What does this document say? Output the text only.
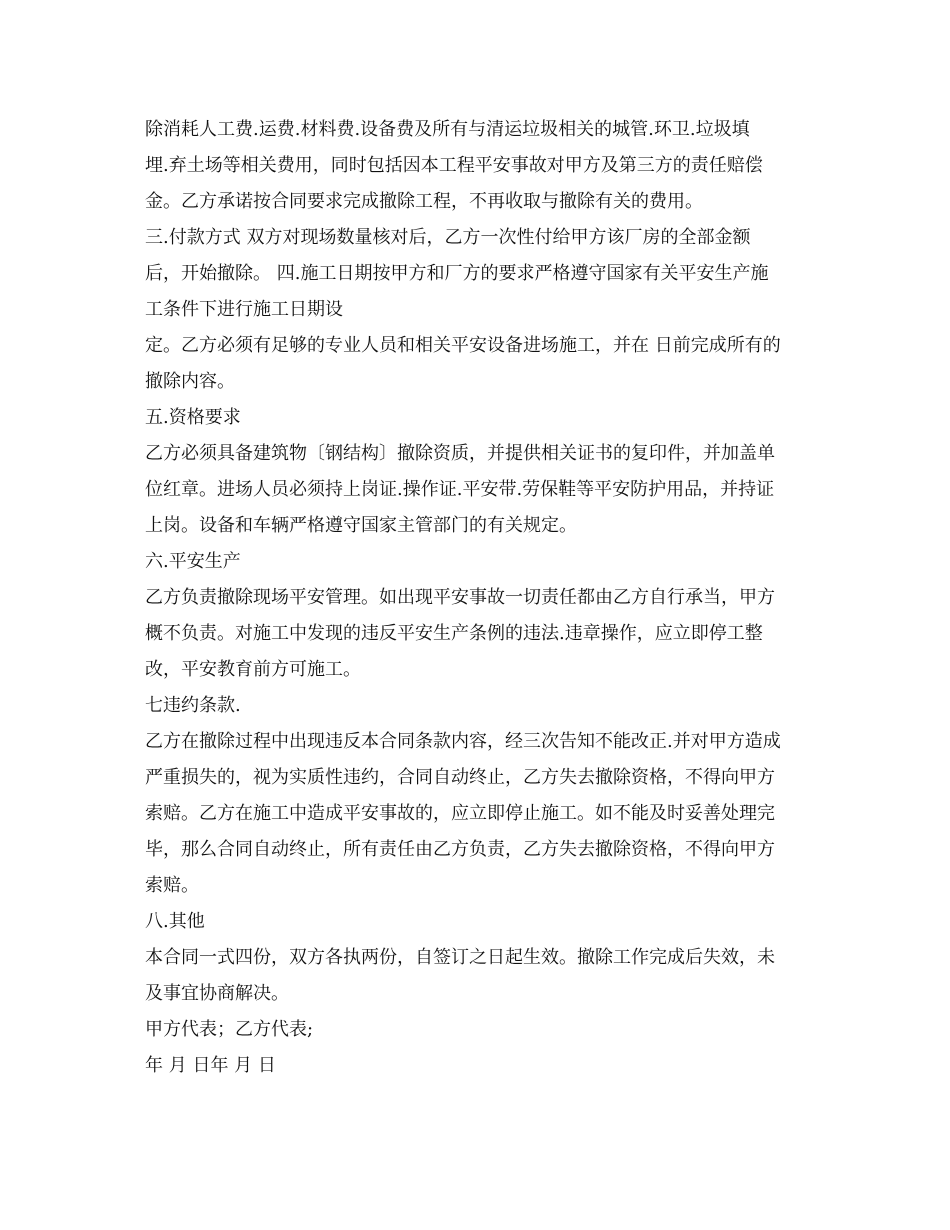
除消耗人工费.运费.材料费.设备费及所有与清运垃圾相关的城管.环卫.垃圾填
埋.弃土场等相关费用，同时包括因本工程平安事故对甲方及第三方的责任赔偿
金。乙方承诺按合同要求完成撤除工程，不再收取与撤除有关的费用。
三.付款方式 双方对现场数量核对后，乙方一次性付给甲方该厂房的全部金额
后，开始撤除。 四.施工日期按甲方和厂方的要求严格遵守国家有关平安生产施
工条件下进行施工日期设
定。乙方必须有足够的专业人员和相关平安设备进场施工，并在 日前完成所有的
撤除内容。
五.资格要求
乙方必须具备建筑物〔钢结构〕撤除资质，并提供相关证书的复印件，并加盖单
位红章。进场人员必须持上岗证.操作证.平安带.劳保鞋等平安防护用品，并持证
上岗。设备和车辆严格遵守国家主管部门的有关规定。
六.平安生产
乙方负责撤除现场平安管理。如出现平安事故一切责任都由乙方自行承当，甲方
概不负责。对施工中发现的违反平安生产条例的违法.违章操作，应立即停工整
改，平安教育前方可施工。
七违约条款.
乙方在撤除过程中出现违反本合同条款内容，经三次告知不能改正.并对甲方造成
严重损失的，视为实质性违约，合同自动终止，乙方失去撤除资格，不得向甲方
索赔。乙方在施工中造成平安事故的，应立即停止施工。如不能及时妥善处理完
毕，那么合同自动终止，所有责任由乙方负责，乙方失去撤除资格，不得向甲方
索赔。
八.其他
本合同一式四份，双方各执两份，自签订之日起生效。撤除工作完成后失效，未
及事宜协商解决。
甲方代表；乙方代表;
年 月 日年 月 日
